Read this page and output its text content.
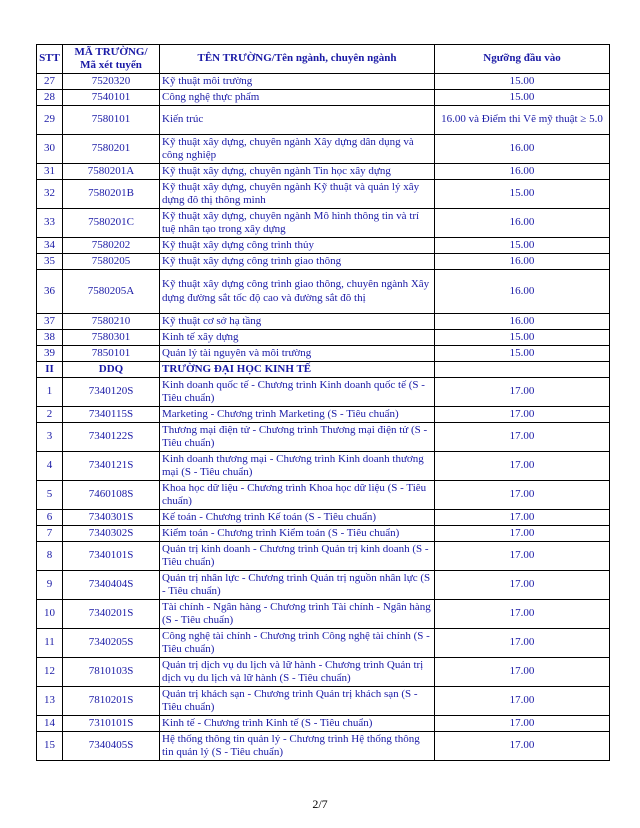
STT	MÃ TRƯỜNG/
Mã xét tuyển	TÊN TRƯỜNG/Tên ngành, chuyên ngành	Ngưỡng đầu vào
27	7520320	Kỹ thuật môi trường	15.00
28	7540101	Công nghệ thực phẩm	15.00
29	7580101	Kiến trúc	16.00 và Điểm thi Vẽ mỹ thuật ≥ 5.0
30	7580201	Kỹ thuật xây dựng, chuyên ngành Xây dựng dân dụng và công nghiệp	16.00
31	7580201A	Kỹ thuật xây dựng, chuyên ngành Tin học xây dựng	16.00
32	7580201B	Kỹ thuật xây dựng, chuyên ngành Kỹ thuật và quản lý xây dựng đô thị thông minh	15.00
33	7580201C	Kỹ thuật xây dựng, chuyên ngành Mô hình thông tin và trí tuệ nhân tạo trong xây dựng	16.00
34	7580202	Kỹ thuật xây dựng công trình thủy	15.00
35	7580205	Kỹ thuật xây dựng công trình giao thông	16.00
36	7580205A	Kỹ thuật xây dựng công trình giao thông, chuyên ngành Xây dựng đường sắt tốc độ cao và đường sắt đô thị	16.00
37	7580210	Kỹ thuật cơ sở hạ tầng	16.00
38	7580301	Kinh tế xây dựng	15.00
39	7850101	Quản lý tài nguyên và môi trường	15.00
II	DDQ	TRƯỜNG ĐẠI HỌC KINH TẾ	
1	7340120S	Kinh doanh quốc tế - Chương trình Kinh doanh quốc tế (S - Tiêu chuẩn)	17.00
2	7340115S	Marketing - Chương trình Marketing (S - Tiêu chuẩn)	17.00
3	7340122S	Thương mại điện tử - Chương trình Thương mại điện tử (S - Tiêu chuẩn)	17.00
4	7340121S	Kinh doanh thương mại - Chương trình Kinh doanh thương mại (S - Tiêu chuẩn)	17.00
5	7460108S	Khoa học dữ liệu - Chương trình Khoa học dữ liệu (S - Tiêu chuẩn)	17.00
6	7340301S	Kế toán - Chương trình Kế toán (S - Tiêu chuẩn)	17.00
7	7340302S	Kiểm toán - Chương trình Kiểm toán (S - Tiêu chuẩn)	17.00
8	7340101S	Quản trị kinh doanh - Chương trình Quản trị kinh doanh (S - Tiêu chuẩn)	17.00
9	7340404S	Quản trị nhân lực - Chương trình Quản trị nguồn nhân lực (S - Tiêu chuẩn)	17.00
10	7340201S	Tài chính - Ngân hàng - Chương trình Tài chính - Ngân hàng (S - Tiêu chuẩn)	17.00
11	7340205S	Công nghệ tài chính - Chương trình Công nghệ tài chính (S - Tiêu chuẩn)	17.00
12	7810103S	Quản trị dịch vụ du lịch và lữ hành - Chương trình Quản trị dịch vụ du lịch và lữ hành (S - Tiêu chuẩn)	17.00
13	7810201S	Quản trị khách sạn - Chương trình Quản trị khách sạn (S - Tiêu chuẩn)	17.00
14	7310101S	Kinh tế - Chương trình Kinh tế (S - Tiêu chuẩn)	17.00
15	7340405S	Hệ thống thông tin quản lý - Chương trình Hệ thống thông tin quản lý (S - Tiêu chuẩn)	17.00
2/7
